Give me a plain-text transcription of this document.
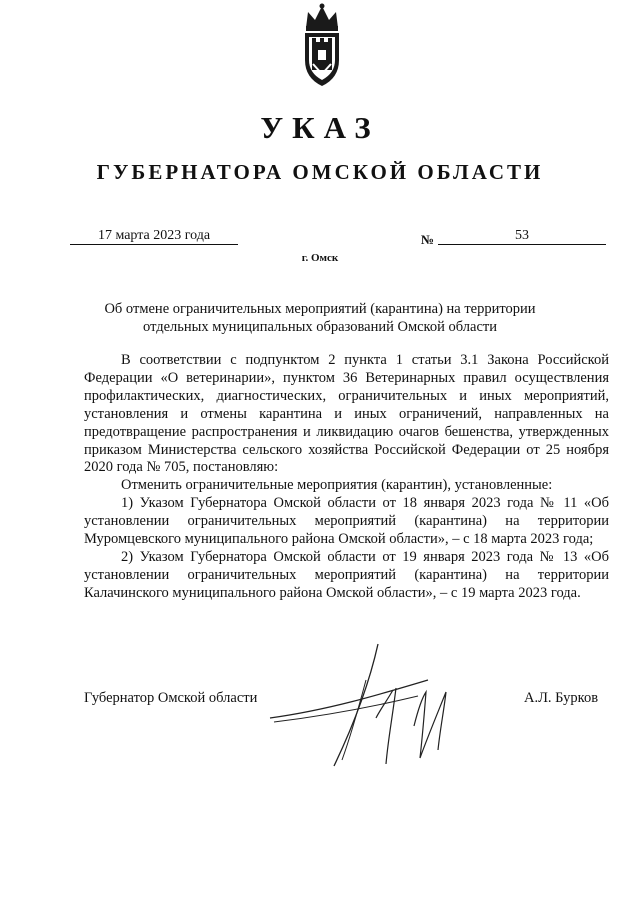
УКАЗ
ГУБЕРНАТОРА ОМСКОЙ ОБЛАСТИ
17 марта 2023 года	№	53
г. Омск
Об отмене ограничительных мероприятий (карантина) на территории
отдельных муниципальных образований Омской области

В соответствии с подпунктом 2 пункта 1 статьи 3.1 Закона Российской Федерации «О ветеринарии», пунктом 36 Ветеринарных правил осуществления профилактических, диагностических, ограничительных и иных мероприятий, установления и отмены карантина и иных ограничений, направленных на предотвращение распространения и ликвидацию очагов бешенства, утвержденных приказом Министерства сельского хозяйства Российской Федерации от 25 ноября 2020 года № 705, постановляю:

Отменить ограничительные мероприятия (карантин), установленные:

1) Указом Губернатора Омской области от 18 января 2023 года № 11 «Об установлении ограничительных мероприятий (карантина) на территории Муромцевского муниципального района Омской области», – с 18 марта 2023 года;

2) Указом Губернатора Омской области от 19 января 2023 года № 13 «Об установлении ограничительных мероприятий (карантина) на территории Калачинского муниципального района Омской области», – с 19 марта 2023 года.

Губернатор Омской области	А.Л. Бурков
